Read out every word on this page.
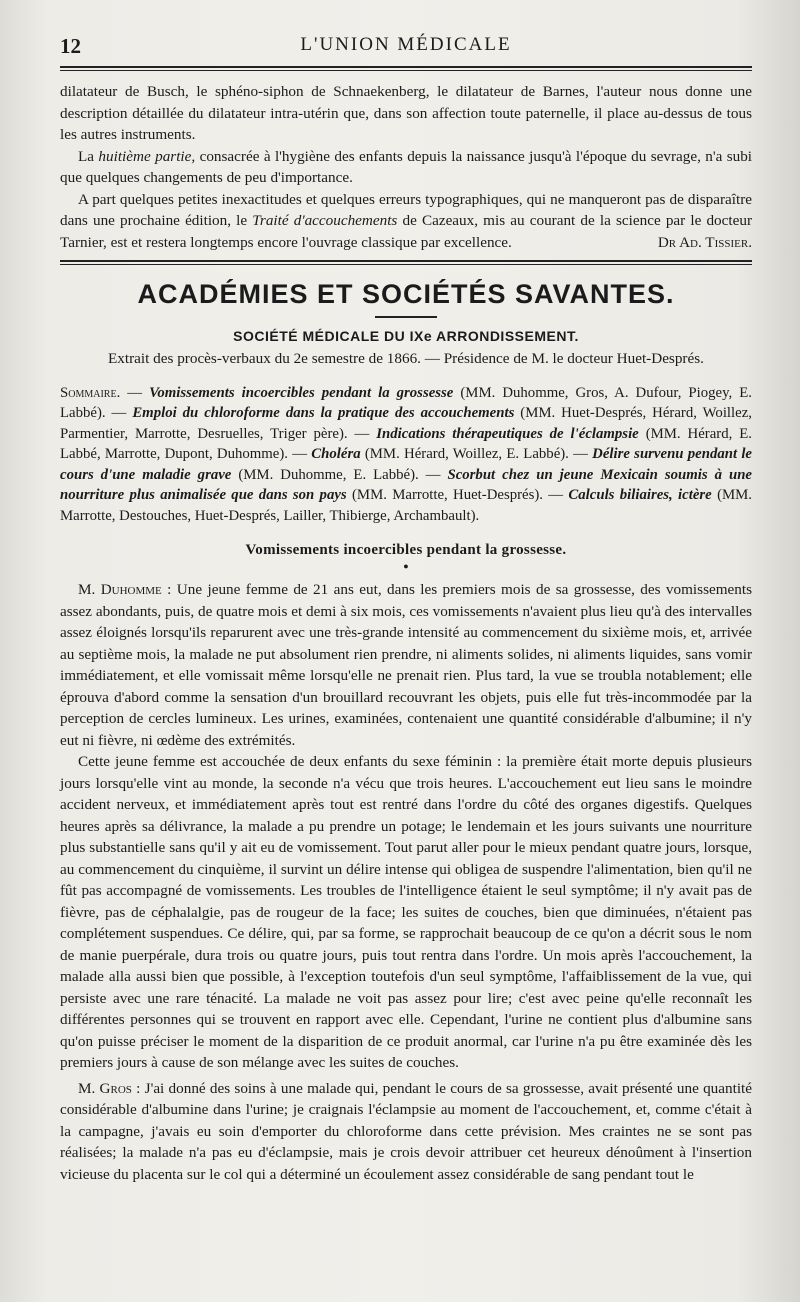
12	L'UNION MÉDICALE

dilatateur de Busch, le sphéno-siphon de Schnaekenberg, le dilatateur de Barnes, l'auteur nous donne une description détaillée du dilatateur intra-utérin que, dans son affection toute paternelle, il place au-dessus de tous les autres instruments.

La huitième partie, consacrée à l'hygiène des enfants depuis la naissance jusqu'à l'époque du sevrage, n'a subi que quelques changements de peu d'importance.

A part quelques petites inexactitudes et quelques erreurs typographiques, qui ne manqueront pas de disparaître dans une prochaine édition, le Traité d'accouchements de Cazeaux, mis au courant de la science par le docteur Tarnier, est et restera longtemps encore l'ouvrage classique par excellence.	Dr Ad. Tissier.
ACADÉMIES ET SOCIÉTÉS SAVANTES.
SOCIÉTÉ MÉDICALE DU IXe ARRONDISSEMENT.
Extrait des procès-verbaux du 2e semestre de 1866. — Présidence de M. le docteur Huet-Després.

Sommaire. — Vomissements incoercibles pendant la grossesse (MM. Duhomme, Gros, A. Dufour, Piogey, E. Labbé). — Emploi du chloroforme dans la pratique des accouchements (MM. Huet-Després, Hérard, Woillez, Parmentier, Marrotte, Desruelles, Triger père). — Indications thérapeutiques de l'éclampsie (MM. Hérard, E. Labbé, Marrotte, Dupont, Duhomme). — Choléra (MM. Hérard, Woillez, E. Labbé). — Délire survenu pendant le cours d'une maladie grave (MM. Duhomme, E. Labbé). — Scorbut chez un jeune Mexicain soumis à une nourriture plus animalisée que dans son pays (MM. Marrotte, Huet-Després). — Calculs biliaires, ictère (MM. Marrotte, Destouches, Huet-Després, Lailler, Thibierge, Archambault).

Vomissements incoercibles pendant la grossesse.
●

M. Duhomme : Une jeune femme de 21 ans eut, dans les premiers mois de sa grossesse, des vomissements assez abondants, puis, de quatre mois et demi à six mois, ces vomissements n'avaient plus lieu qu'à des intervalles assez éloignés lorsqu'ils reparurent avec une très-grande intensité au commencement du sixième mois, et, arrivée au septième mois, la malade ne put absolument rien prendre, ni aliments solides, ni aliments liquides, sans vomir immédiatement, et elle vomissait même lorsqu'elle ne prenait rien. Plus tard, la vue se troubla notablement; elle éprouva d'abord comme la sensation d'un brouillard recouvrant les objets, puis elle fut très-incommodée par la perception de cercles lumineux. Les urines, examinées, contenaient une quantité considérable d'albumine; il n'y eut ni fièvre, ni œdème des extrémités.

Cette jeune femme est accouchée de deux enfants du sexe féminin : la première était morte depuis plusieurs jours lorsqu'elle vint au monde, la seconde n'a vécu que trois heures. L'accouchement eut lieu sans le moindre accident nerveux, et immédiatement après tout est rentré dans l'ordre du côté des organes digestifs. Quelques heures après sa délivrance, la malade a pu prendre un potage; le lendemain et les jours suivants une nourriture plus substantielle sans qu'il y ait eu de vomissement. Tout parut aller pour le mieux pendant quatre jours, lorsque, au commencement du cinquième, il survint un délire intense qui obligea de suspendre l'alimentation, bien qu'il ne fût pas accompagné de vomissements. Les troubles de l'intelligence étaient le seul symptôme; il n'y avait pas de fièvre, pas de céphalalgie, pas de rougeur de la face; les suites de couches, bien que diminuées, n'étaient pas complétement suspendues. Ce délire, qui, par sa forme, se rapprochait beaucoup de ce qu'on a décrit sous le nom de manie puerpérale, dura trois ou quatre jours, puis tout rentra dans l'ordre. Un mois après l'accouchement, la malade alla aussi bien que possible, à l'exception toutefois d'un seul symptôme, l'affaiblissement de la vue, qui persiste avec une rare ténacité. La malade ne voit pas assez pour lire; c'est avec peine qu'elle reconnaît les différentes personnes qui se trouvent en rapport avec elle. Cependant, l'urine ne contient plus d'albumine sans qu'on puisse préciser le moment de la disparition de ce produit anormal, car l'urine n'a pu être examinée dès les premiers jours à cause de son mélange avec les suites de couches.

M. Gros : J'ai donné des soins à une malade qui, pendant le cours de sa grossesse, avait présenté une quantité considérable d'albumine dans l'urine; je craignais l'éclampsie au moment de l'accouchement, et, comme c'était à la campagne, j'avais eu soin d'emporter du chloroforme dans cette prévision. Mes craintes ne se sont pas réalisées; la malade n'a pas eu d'éclampsie, mais je crois devoir attribuer cet heureux dénoûment à l'insertion vicieuse du placenta sur le col qui a déterminé un écoulement assez considérable de sang pendant tout le
